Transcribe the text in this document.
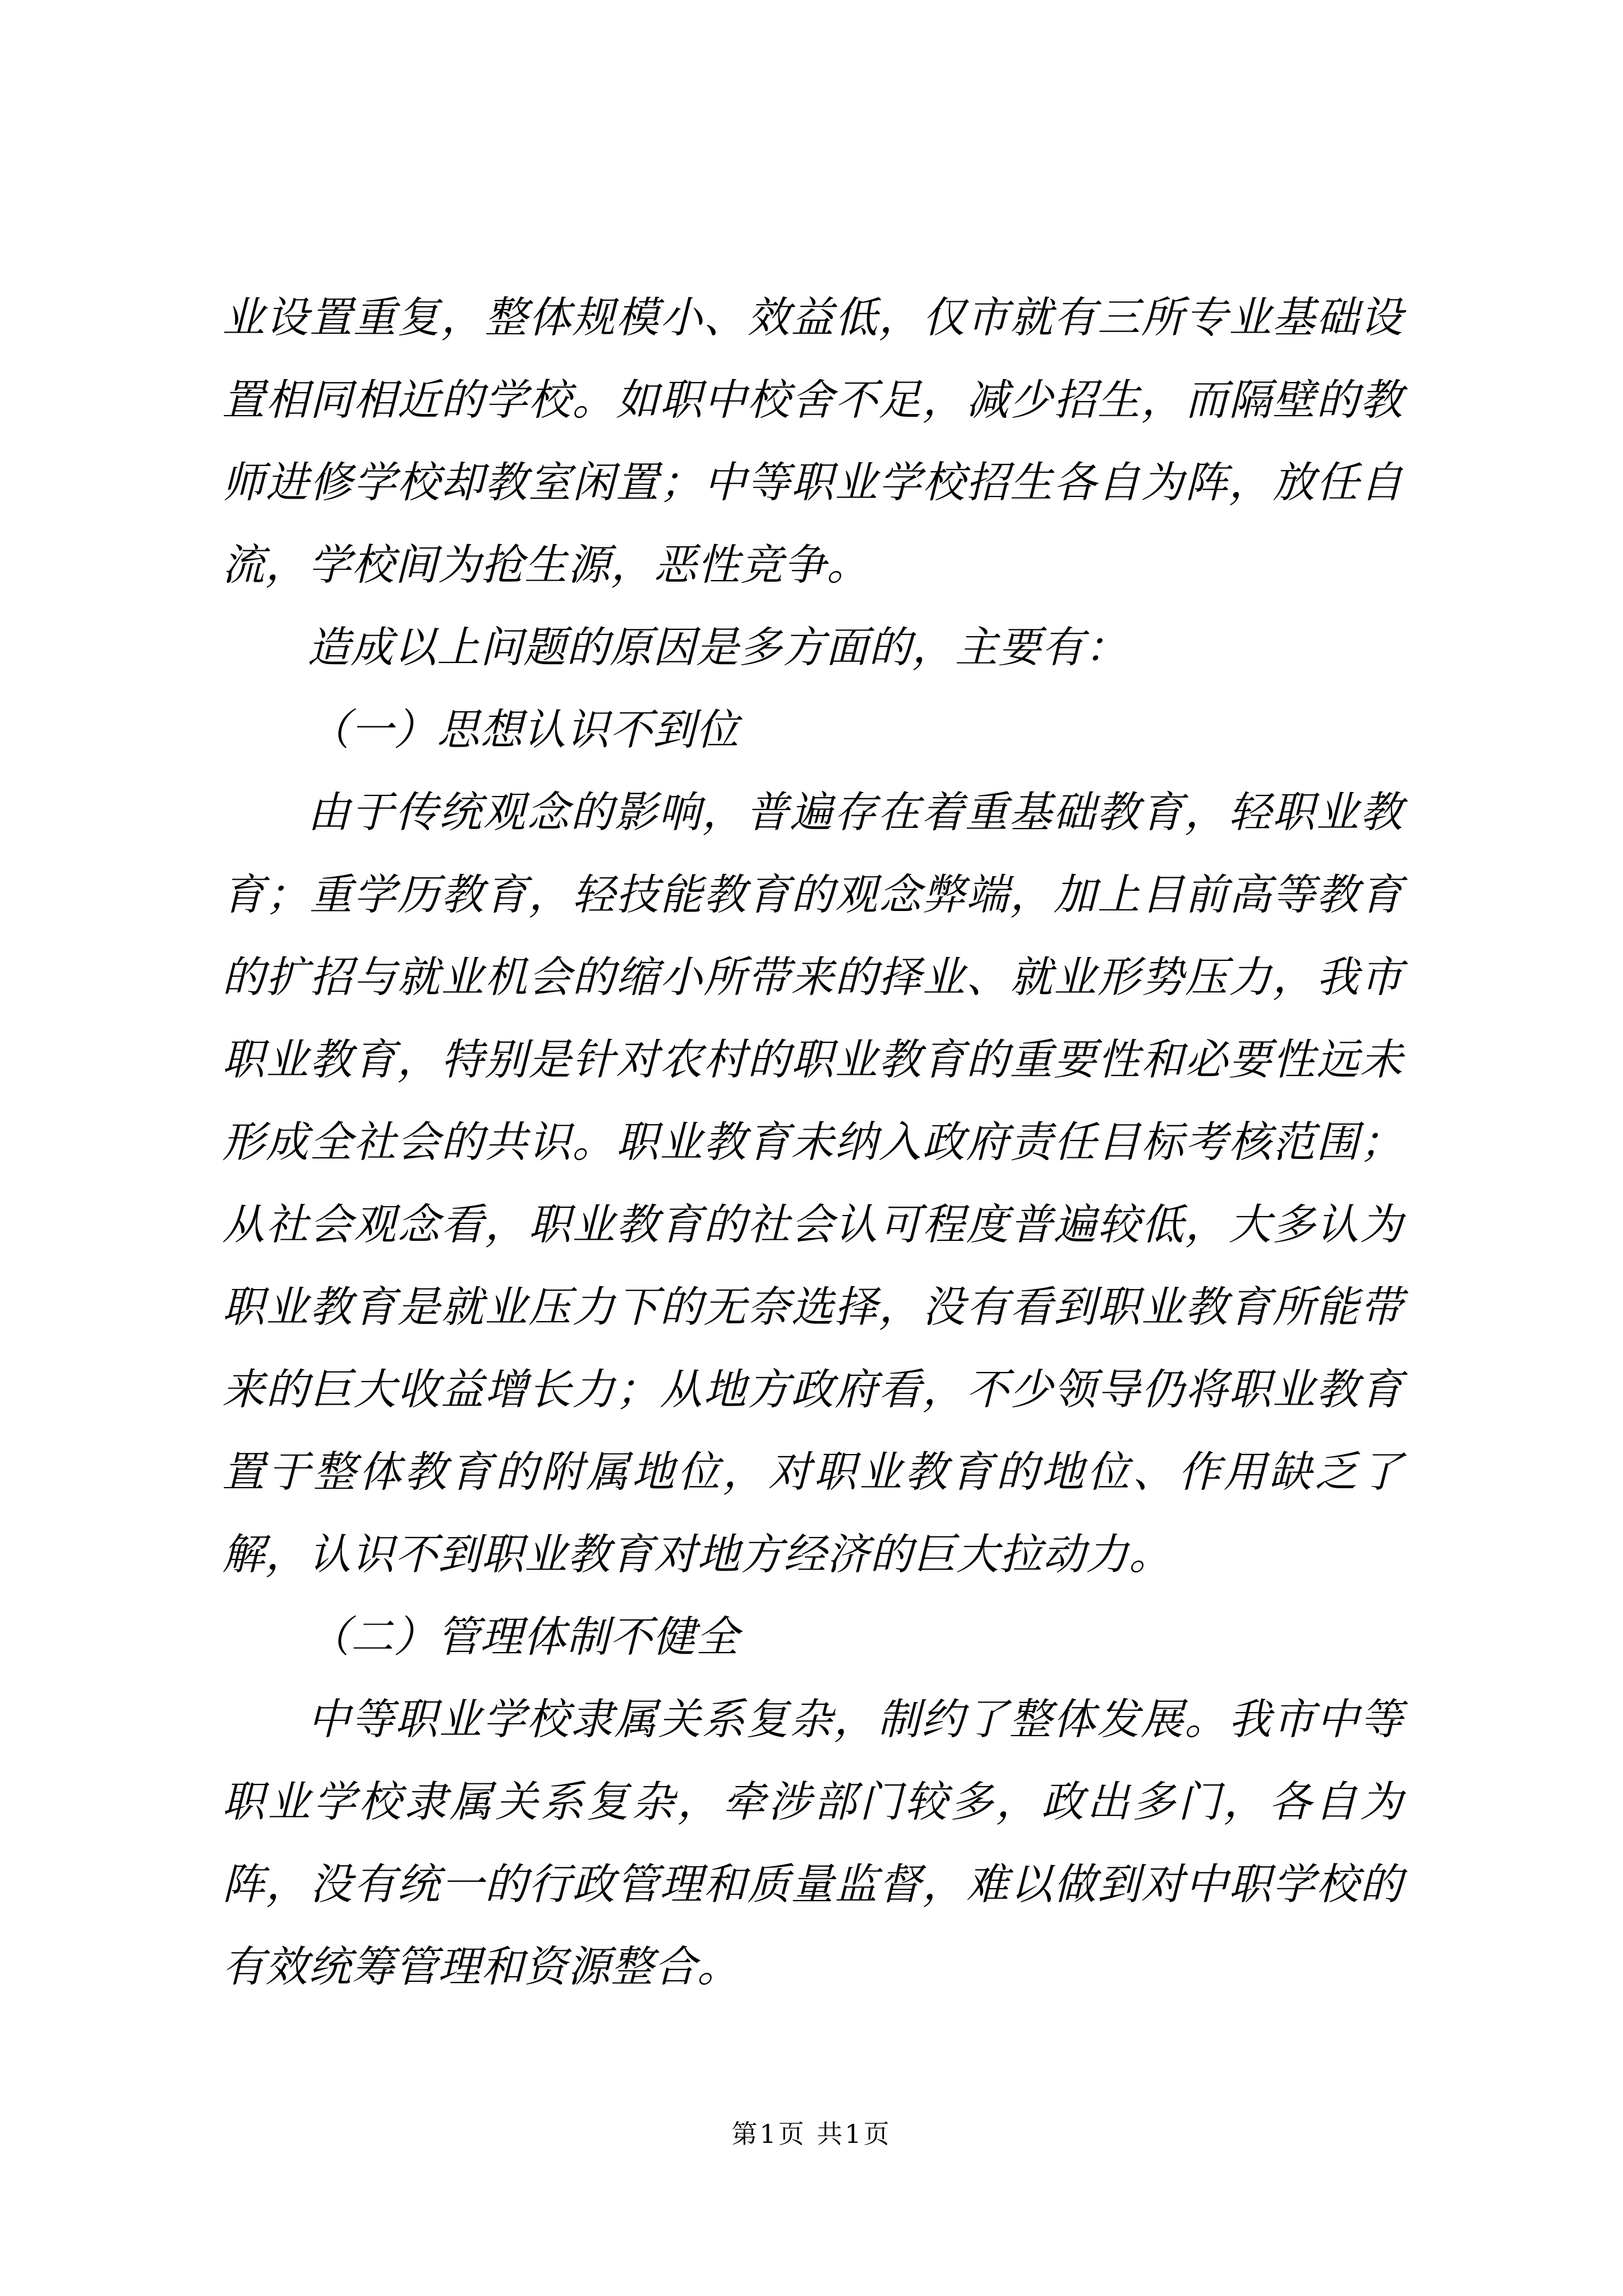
业设置重复，整体规模小、效益低，仅市就有三所专业基础设置相同相近的学校。如职中校舍不足，减少招生，而隔壁的教师进修学校却教室闲置；中等职业学校招生各自为阵，放任自流，学校间为抢生源，恶性竞争。

造成以上问题的原因是多方面的，主要有：

（一）思想认识不到位

由于传统观念的影响，普遍存在着重基础教育，轻职业教育；重学历教育，轻技能教育的观念弊端，加上目前高等教育的扩招与就业机会的缩小所带来的择业、就业形势压力，我市职业教育，特别是针对农村的职业教育的重要性和必要性远未形成全社会的共识。职业教育未纳入政府责任目标考核范围；从社会观念看，职业教育的社会认可程度普遍较低，大多认为职业教育是就业压力下的无奈选择，没有看到职业教育所能带来的巨大收益增长力；从地方政府看，不少领导仍将职业教育置于整体教育的附属地位，对职业教育的地位、作用缺乏了解，认识不到职业教育对地方经济的巨大拉动力。

（二）管理体制不健全

中等职业学校隶属关系复杂，制约了整体发展。我市中等职业学校隶属关系复杂，牵涉部门较多，政出多门，各自为阵，没有统一的行政管理和质量监督，难以做到对中职学校的有效统筹管理和资源整合。

第1页 共1页
